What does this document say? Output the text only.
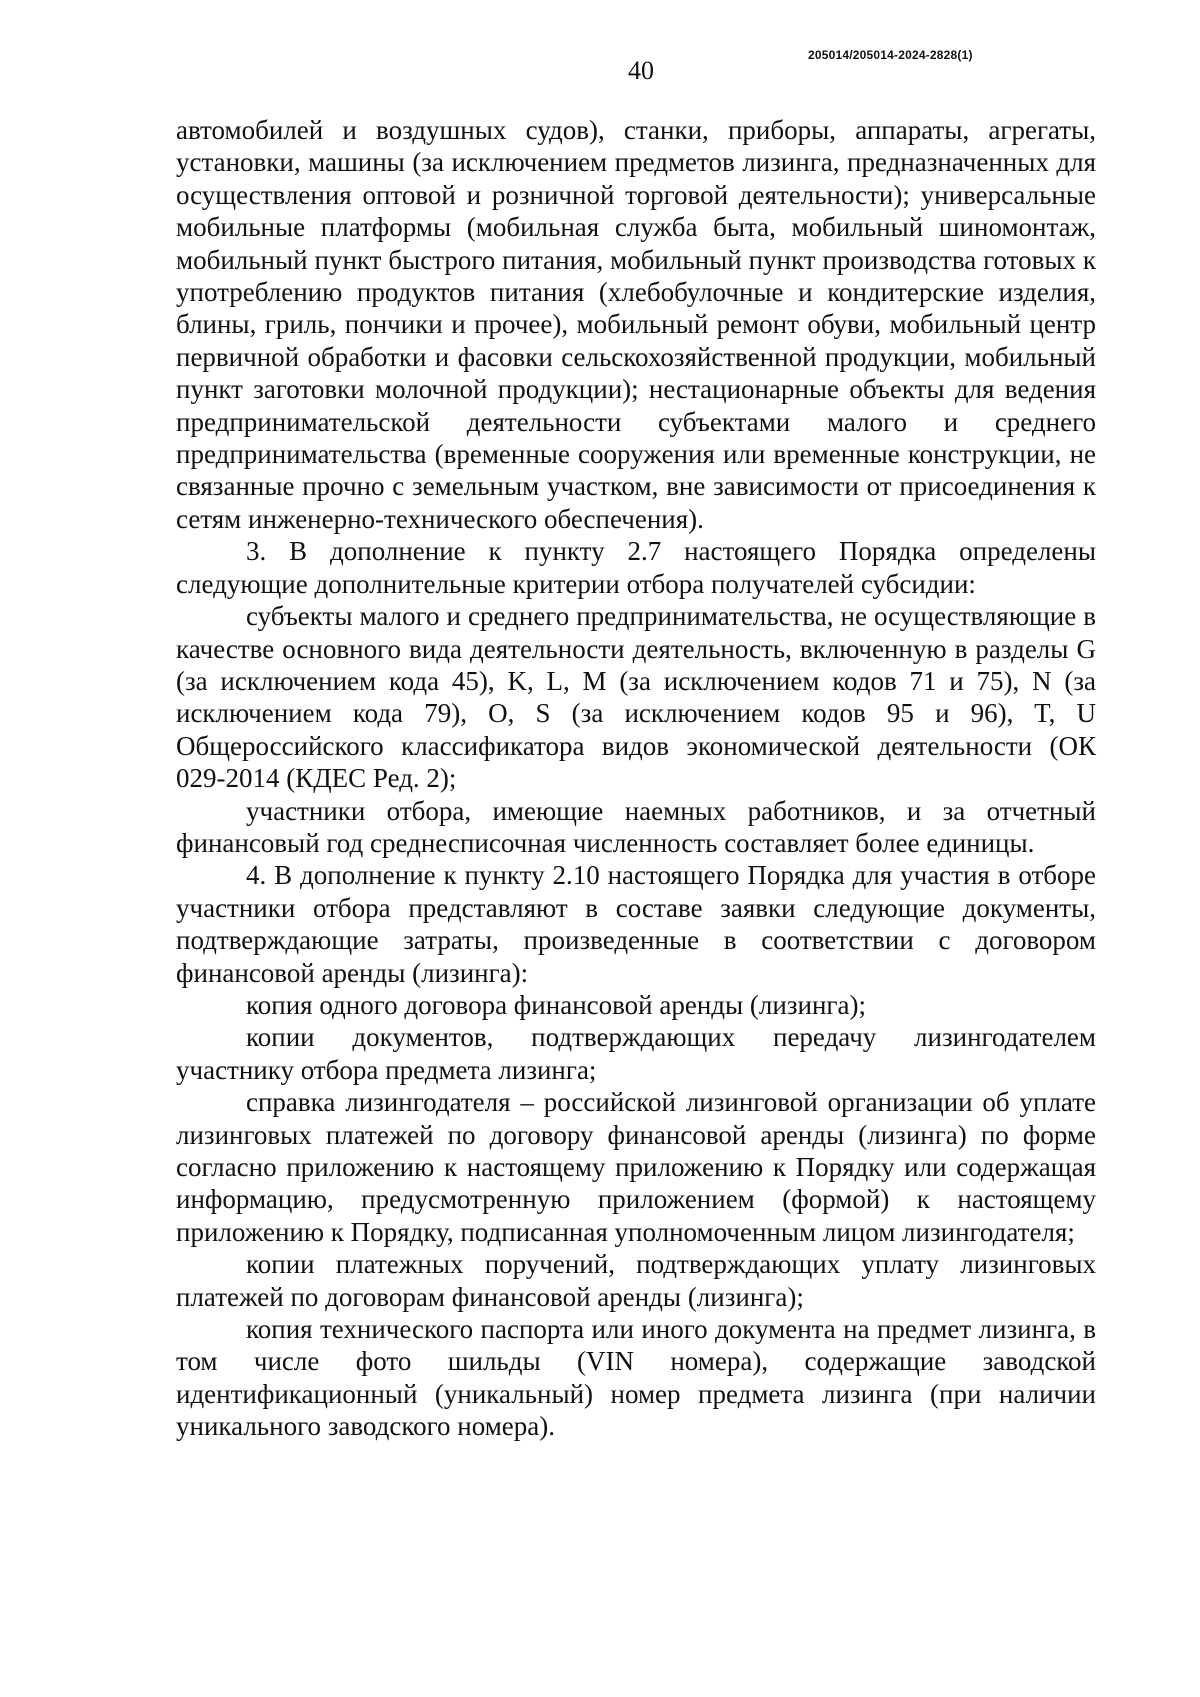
40
205014/205014-2024-2828(1)

автомобилей и воздушных судов), станки, приборы, аппараты, агрегаты, установки, машины (за исключением предметов лизинга, предназначенных для осуществления оптовой и розничной торговой деятельности); универсальные мобильные платформы (мобильная служба быта, мобильный шиномонтаж, мобильный пункт быстрого питания, мобильный пункт производства готовых к употреблению продуктов питания (хлебобулочные и кондитерские изделия, блины, гриль, пончики и прочее), мобильный ремонт обуви, мобильный центр первичной обработки и фасовки сельскохозяйственной продукции, мобильный пункт заготовки молочной продукции); нестационарные объекты для ведения предпринимательской деятельности субъектами малого и среднего предпринимательства (временные сооружения или временные конструкции, не связанные прочно с земельным участком, вне зависимости от присоединения к сетям инженерно-технического обеспечения).

3. В дополнение к пункту 2.7 настоящего Порядка определены следующие дополнительные критерии отбора получателей субсидии:

субъекты малого и среднего предпринимательства, не осуществляющие в качестве основного вида деятельности деятельность, включенную в разделы G (за исключением кода 45), K, L, M (за исключением кодов 71 и 75), N (за исключением кода 79), O, S (за исключением кодов 95 и 96), T, U Общероссийского классификатора видов экономической деятельности (ОК 029-2014 (КДЕС Ред. 2);

участники отбора, имеющие наемных работников, и за отчетный финансовый год среднесписочная численность составляет более единицы.

4. В дополнение к пункту 2.10 настоящего Порядка для участия в отборе участники отбора представляют в составе заявки следующие документы, подтверждающие затраты, произведенные в соответствии с договором финансовой аренды (лизинга):

копия одного договора финансовой аренды (лизинга);

копии документов, подтверждающих передачу лизингодателем участнику отбора предмета лизинга;

справка лизингодателя – российской лизинговой организации об уплате лизинговых платежей по договору финансовой аренды (лизинга) по форме согласно приложению к настоящему приложению к Порядку или содержащая информацию, предусмотренную приложением (формой) к настоящему приложению к Порядку, подписанная уполномоченным лицом лизингодателя;

копии платежных поручений, подтверждающих уплату лизинговых платежей по договорам финансовой аренды (лизинга);

копия технического паспорта или иного документа на предмет лизинга, в том числе фото шильды (VIN номера), содержащие заводской идентификационный (уникальный) номер предмета лизинга (при наличии уникального заводского номера).
